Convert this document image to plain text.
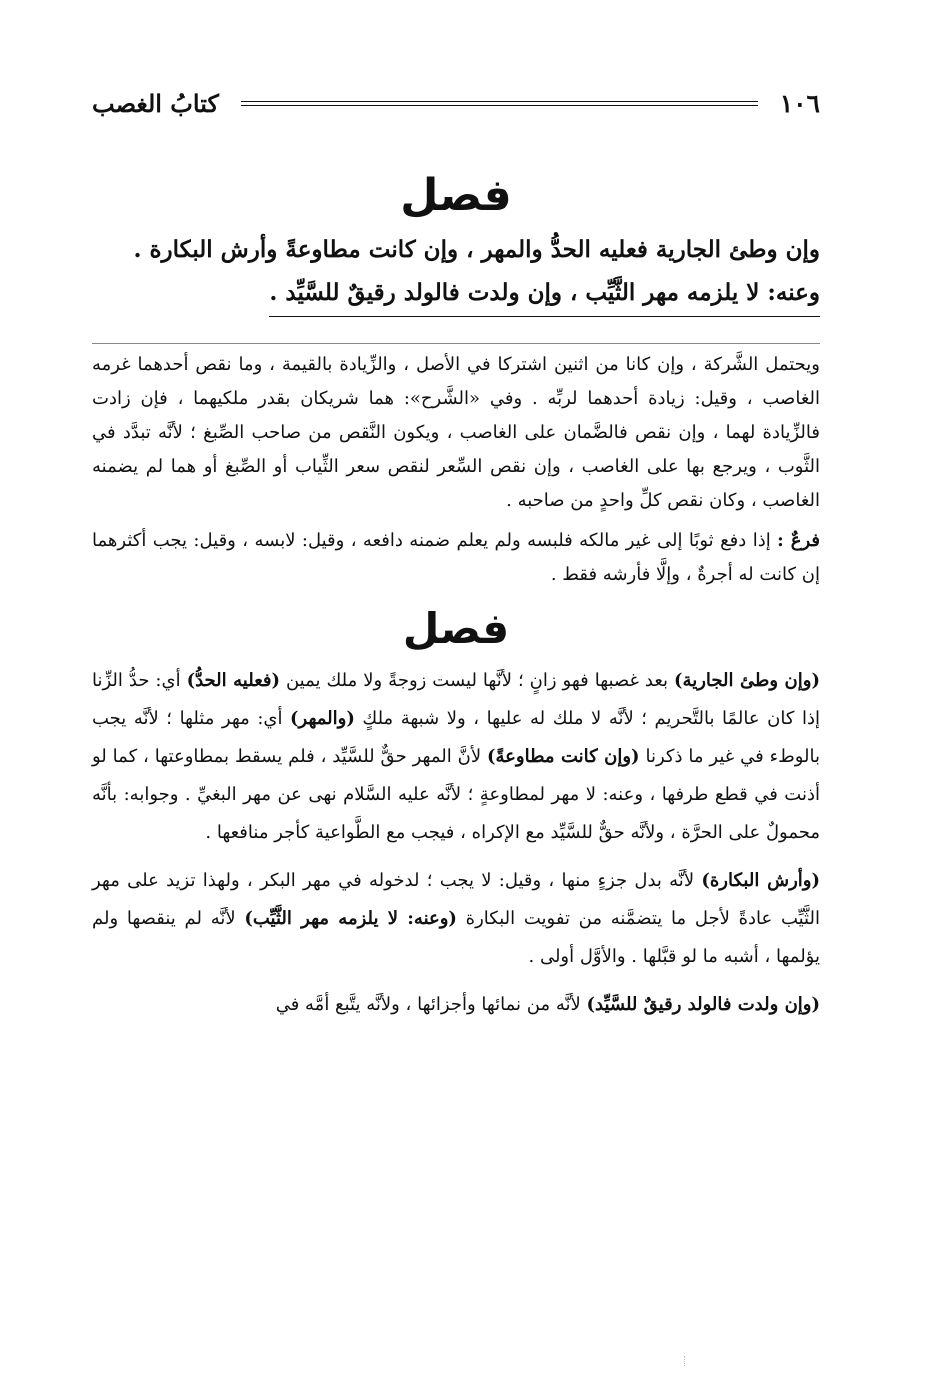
١٠٦
كتابُ الغصب
فصل
وإن وطئ الجارية فعليه الحدُّ والمهر ، وإن كانت مطاوعةً وأرش البكارة .
وعنه: لا يلزمه مهر الثَّيِّب ، وإن ولدت فالولد رقيقٌ للسَّيِّد .
ويحتمل الشَّركة ، وإن كانا من اثنين اشتركا في الأصل ، والزِّيادة بالقيمة ، وما نقص أحدهما غرمه الغاصب ، وقيل: زيادة أحدهما لربِّه . وفي «الشَّرح»: هما شريكان بقدر ملكيهما ، فإن زادت فالزِّيادة لهما ، وإن نقص فالضَّمان على الغاصب ، ويكون النَّقص من صاحب الصِّبغ ؛ لأنَّه تبدَّد في الثَّوب ، ويرجع بها على الغاصب ، وإن نقص السِّعر لنقص سعر الثِّياب أو الصِّبغ أو هما لم يضمنه الغاصب ، وكان نقص كلِّ واحدٍ من صاحبه .
فرعٌ : إذا دفع ثوبًا إلى غير مالكه فلبسه ولم يعلم ضمنه دافعه ، وقيل: لابسه ، وقيل: يجب أكثرهما إن كانت له أجرةٌ ، وإلَّا فأرشه فقط .
فصل

(وإن وطئ الجارية) بعد غصبها فهو زانٍ ؛ لأنَّها ليست زوجةً ولا ملك يمين (فعليه الحدُّ) أي: حدُّ الزِّنا إذا كان عالمًا بالتَّحريم ؛ لأنَّه لا ملك له عليها ، ولا شبهة ملكٍ (والمهر) أي: مهر مثلها ؛ لأنَّه يجب بالوطء في غير ما ذكرنا (وإن كانت مطاوعةً) لأنَّ المهر حقٌّ للسَّيِّد ، فلم يسقط بمطاوعتها ، كما لو أذنت في قطع طرفها ، وعنه: لا مهر لمطاوعةٍ ؛ لأنَّه عليه السَّلام نهى عن مهر البغيِّ . وجوابه: بأنَّه محمولٌ على الحرَّة ، ولأنَّه حقٌّ للسَّيِّد مع الإكراه ، فيجب مع الطَّواعية كأجر منافعها .

(وأرش البكارة) لأنَّه بدل جزءٍ منها ، وقيل: لا يجب ؛ لدخوله في مهر البكر ، ولهذا تزيد على مهر الثَّيِّب عادةً لأجل ما يتضمَّنه من تفويت البكارة (وعنه: لا يلزمه مهر الثَّيِّب) لأنَّه لم ينقصها ولم يؤلمها ، أشبه ما لو قبَّلها . والأوَّل أولى .

(وإن ولدت فالولد رقيقٌ للسَّيِّد) لأنَّه من نمائها وأجزائها ، ولأنَّه يتَّبع أمَّه في
